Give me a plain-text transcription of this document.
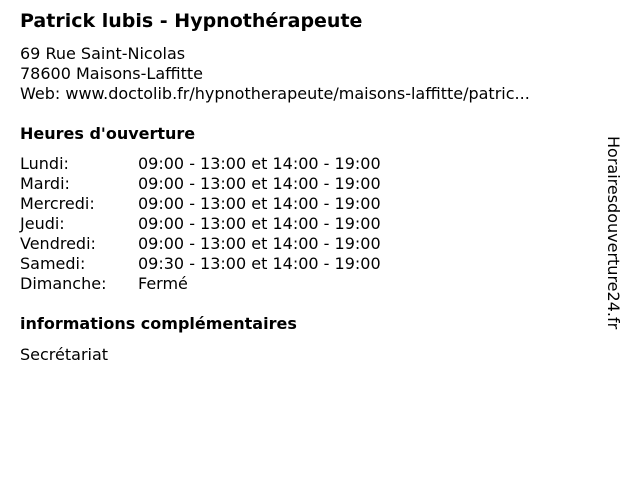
Patrick lubis - Hypnothérapeute
69 Rue Saint-Nicolas
78600 Maisons-Laffitte
Web: www.doctolib.fr/hypnotherapeute/maisons-laffitte/patric...
Heures d'ouverture
Lundi:	09:00 - 13:00 et 14:00 - 19:00
Mardi:	09:00 - 13:00 et 14:00 - 19:00
Mercredi:	09:00 - 13:00 et 14:00 - 19:00
Jeudi:	09:00 - 13:00 et 14:00 - 19:00
Vendredi:	09:00 - 13:00 et 14:00 - 19:00
Samedi:	09:30 - 13:00 et 14:00 - 19:00
Dimanche:	Fermé
informations complémentaires
Secrétariat
Horairesdouverture24.fr
